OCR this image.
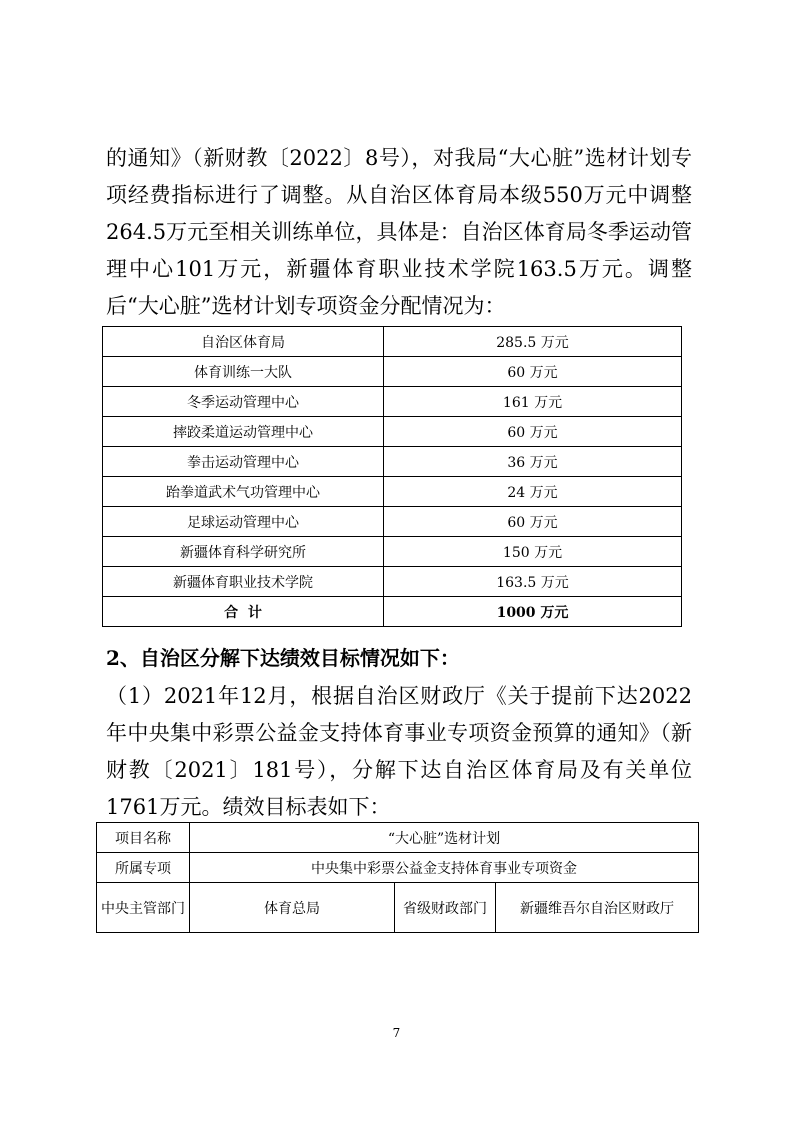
的通知》（新财教〔2022〕8号），对我局“大心脏”选材计划专项经费指标进行了调整。从自治区体育局本级550万元中调整264.5万元至相关训练单位，具体是：自治区体育局冬季运动管理中心101万元，新疆体育职业技术学院163.5万元。调整后“大心脏”选材计划专项资金分配情况为：

自治区体育局	285.5 万元
体育训练一大队	60 万元
冬季运动管理中心	161 万元
摔跤柔道运动管理中心	60 万元
拳击运动管理中心	36 万元
跆拳道武术气功管理中心	24 万元
足球运动管理中心	60 万元
新疆体育科学研究所	150 万元
新疆体育职业技术学院	163.5 万元
合  计	1000 万元

2、自治区分解下达绩效目标情况如下：

（1）2021年12月，根据自治区财政厅《关于提前下达2022年中央集中彩票公益金支持体育事业专项资金预算的通知》（新财教〔2021〕181号），分解下达自治区体育局及有关单位1761万元。绩效目标表如下：

项目名称	“大心脏”选材计划		
所属专项	中央集中彩票公益金支持体育事业专项资金		
中央主管部门	体育总局	省级财政部门	新疆维吾尔自治区财政厅
7
